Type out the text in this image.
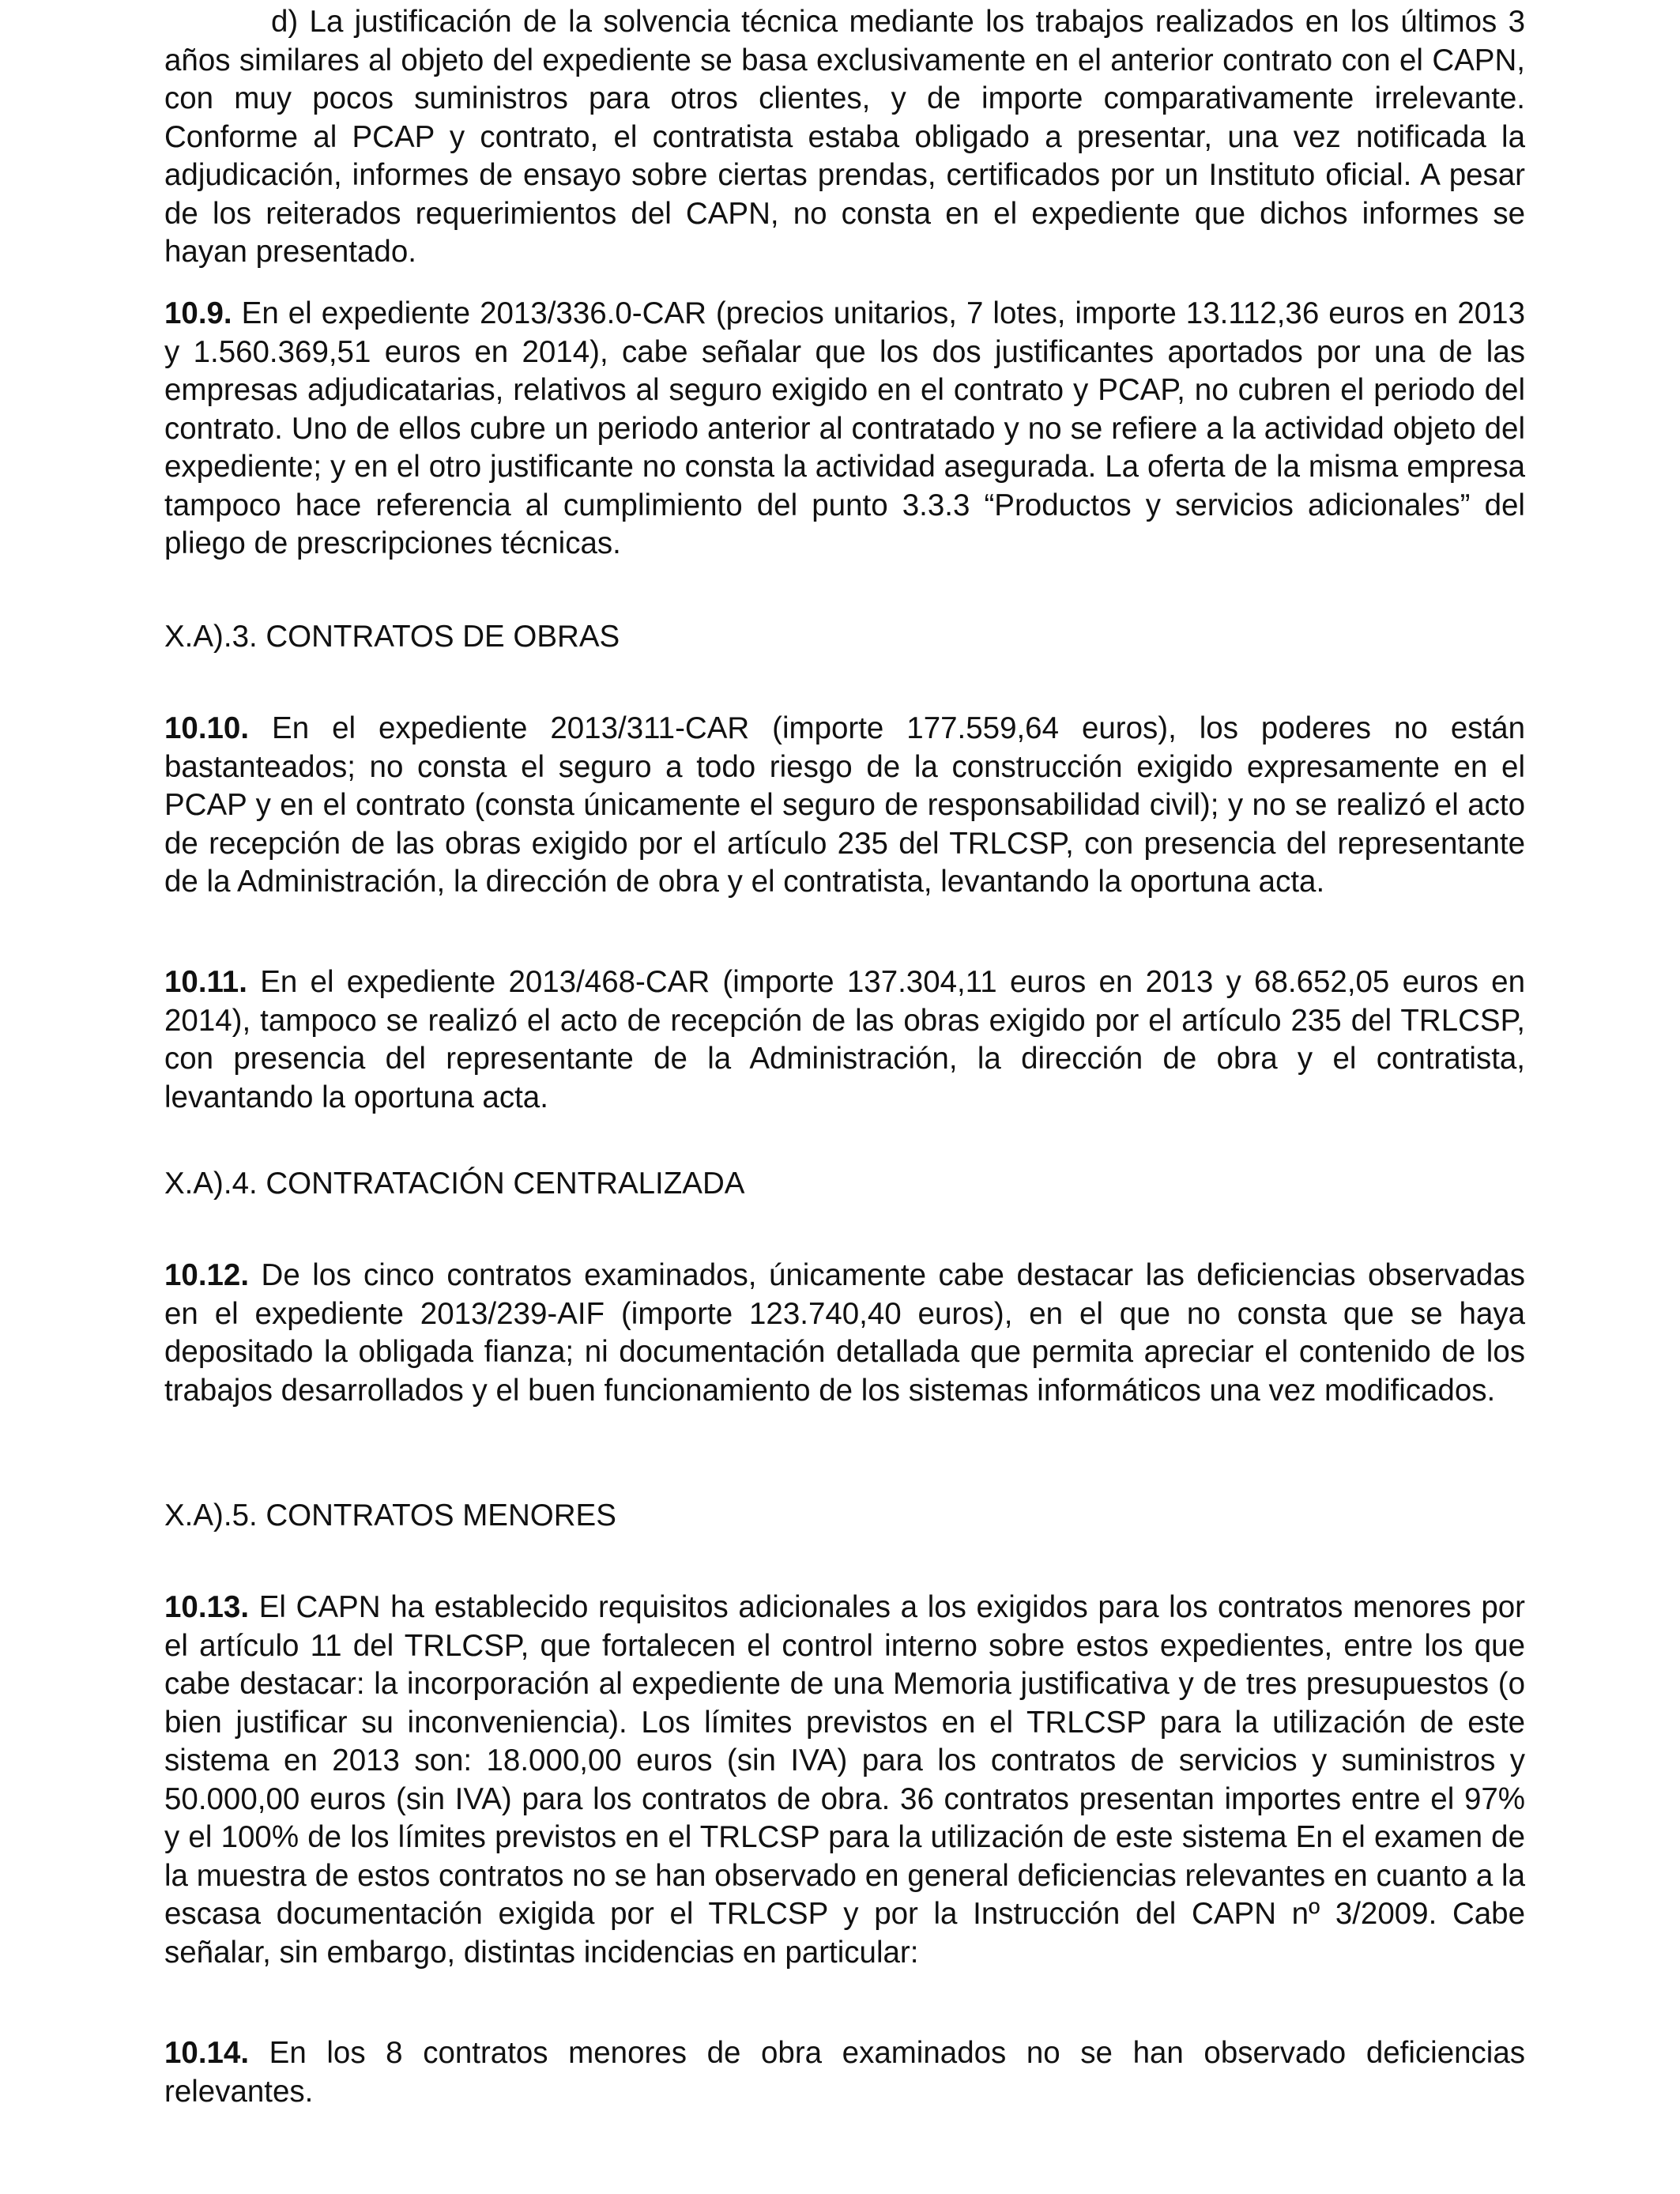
d) La justificación de la solvencia técnica mediante los trabajos realizados en los últimos 3 años similares al objeto del expediente se basa exclusivamente en el anterior contrato con el CAPN, con muy pocos suministros para otros clientes, y de importe comparativamente irrelevante. Conforme al PCAP y contrato, el contratista estaba obligado a presentar, una vez notificada la adjudicación, informes de ensayo sobre ciertas prendas, certificados por un Instituto oficial. A pesar de los reiterados requerimientos del CAPN, no consta en el expediente que dichos informes se hayan presentado.

10.9. En el expediente 2013/336.0-CAR (precios unitarios, 7 lotes, importe 13.112,36 euros en 2013 y 1.560.369,51 euros en 2014), cabe señalar que los dos justificantes aportados por una de las empresas adjudicatarias, relativos al seguro exigido en el contrato y PCAP, no cubren el periodo del contrato. Uno de ellos cubre un periodo anterior al contratado y no se refiere a la actividad objeto del expediente; y en el otro justificante no consta la actividad asegurada. La oferta de la misma empresa tampoco hace referencia al cumplimiento del punto 3.3.3 “Productos y servicios adicionales” del pliego de prescripciones técnicas.

X.A).3. CONTRATOS DE OBRAS

10.10. En el expediente 2013/311-CAR (importe 177.559,64 euros), los poderes no están bastanteados; no consta el seguro a todo riesgo de la construcción exigido expresamente en el PCAP y en el contrato (consta únicamente el seguro de responsabilidad civil); y no se realizó el acto de recepción de las obras exigido por el artículo 235 del TRLCSP, con presencia del representante de la Administración, la dirección de obra y el contratista, levantando la oportuna acta.

10.11. En el expediente 2013/468-CAR (importe 137.304,11 euros en 2013 y 68.652,05 euros en 2014), tampoco se realizó el acto de recepción de las obras exigido por el artículo 235 del TRLCSP, con presencia del representante de la Administración, la dirección de obra y el contratista, levantando la oportuna acta.

X.A).4. CONTRATACIÓN CENTRALIZADA

10.12. De los cinco contratos examinados, únicamente cabe destacar las deficiencias observadas en el expediente 2013/239-AIF (importe 123.740,40 euros), en el que no consta que se haya depositado la obligada fianza; ni documentación detallada que permita apreciar el contenido de los trabajos desarrollados y el buen funcionamiento de los sistemas informáticos una vez modificados.

X.A).5. CONTRATOS MENORES

10.13. El CAPN ha establecido requisitos adicionales a los exigidos para los contratos menores por el artículo 11 del TRLCSP, que fortalecen el control interno sobre estos expedientes, entre los que cabe destacar: la incorporación al expediente de una Memoria justificativa y de tres presupuestos (o bien justificar su inconveniencia). Los límites previstos en el TRLCSP para la utilización de este sistema en 2013 son: 18.000,00 euros (sin IVA) para los contratos de servicios y suministros y 50.000,00 euros (sin IVA) para los contratos de obra. 36 contratos presentan importes entre el 97% y el 100% de los límites previstos en el TRLCSP para la utilización de este sistema En el examen de la muestra de estos contratos no se han observado en general deficiencias relevantes en cuanto a la escasa documentación exigida por el TRLCSP y por la Instrucción del CAPN nº 3/2009. Cabe señalar, sin embargo, distintas incidencias en particular:

10.14. En los 8 contratos menores de obra examinados no se han observado deficiencias relevantes.
